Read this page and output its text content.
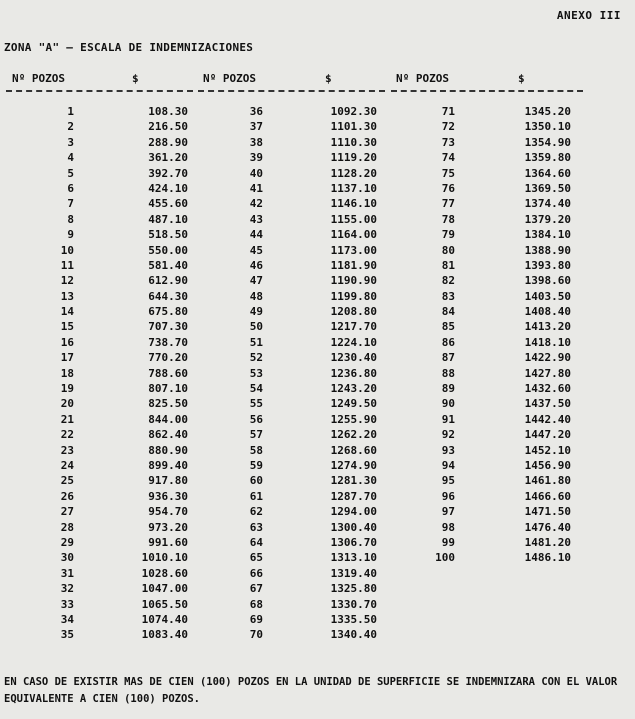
ANEXO III
ZONA "A" – ESCALA DE INDEMNIZACIONES
Nº POZOS	$	Nº POZOS	$	Nº POZOS	$
1	108.30	36	1092.30	71	1345.20
2	216.50	37	1101.30	72	1350.10
3	288.90	38	1110.30	73	1354.90
4	361.20	39	1119.20	74	1359.80
5	392.70	40	1128.20	75	1364.60
6	424.10	41	1137.10	76	1369.50
7	455.60	42	1146.10	77	1374.40
8	487.10	43	1155.00	78	1379.20
9	518.50	44	1164.00	79	1384.10
10	550.00	45	1173.00	80	1388.90
11	581.40	46	1181.90	81	1393.80
12	612.90	47	1190.90	82	1398.60
13	644.30	48	1199.80	83	1403.50
14	675.80	49	1208.80	84	1408.40
15	707.30	50	1217.70	85	1413.20
16	738.70	51	1224.10	86	1418.10
17	770.20	52	1230.40	87	1422.90
18	788.60	53	1236.80	88	1427.80
19	807.10	54	1243.20	89	1432.60
20	825.50	55	1249.50	90	1437.50
21	844.00	56	1255.90	91	1442.40
22	862.40	57	1262.20	92	1447.20
23	880.90	58	1268.60	93	1452.10
24	899.40	59	1274.90	94	1456.90
25	917.80	60	1281.30	95	1461.80
26	936.30	61	1287.70	96	1466.60
27	954.70	62	1294.00	97	1471.50
28	973.20	63	1300.40	98	1476.40
29	991.60	64	1306.70	99	1481.20
30	1010.10	65	1313.10	100	1486.10
31	1028.60	66	1319.40
32	1047.00	67	1325.80
33	1065.50	68	1330.70
34	1074.40	69	1335.50
35	1083.40	70	1340.40
EN CASO DE EXISTIR MAS DE CIEN (100) POZOS EN LA UNIDAD DE SUPERFICIE SE INDEMNIZARA CON EL VALOR EQUIVALENTE A CIEN (100) POZOS.
